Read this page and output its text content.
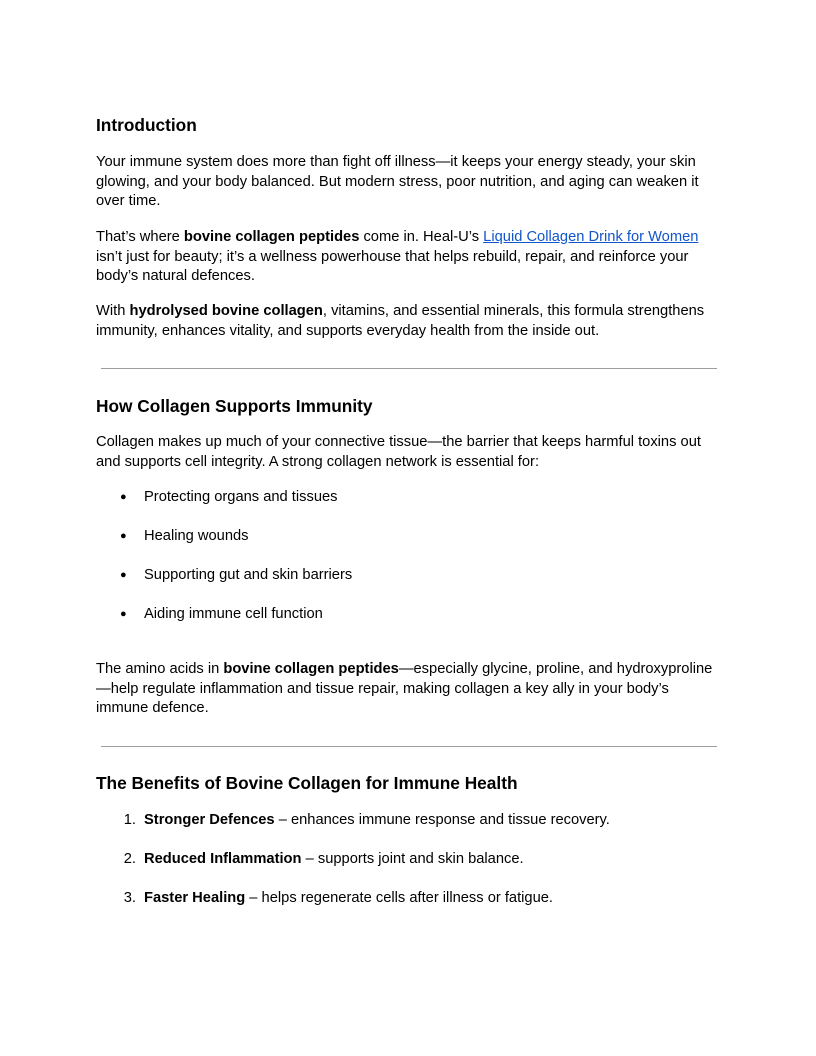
Introduction

Your immune system does more than fight off illness—it keeps your energy steady, your skin glowing, and your body balanced. But modern stress, poor nutrition, and aging can weaken it over time.

That’s where bovine collagen peptides come in. Heal-U’s Liquid Collagen Drink for Women isn’t just for beauty; it’s a wellness powerhouse that helps rebuild, repair, and reinforce your body’s natural defences.

With hydrolysed bovine collagen, vitamins, and essential minerals, this formula strengthens immunity, enhances vitality, and supports everyday health from the inside out.

How Collagen Supports Immunity

Collagen makes up much of your connective tissue—the barrier that keeps harmful toxins out and supports cell integrity. A strong collagen network is essential for:

● Protecting organs and tissues
● Healing wounds
● Supporting gut and skin barriers
● Aiding immune cell function

The amino acids in bovine collagen peptides—especially glycine, proline, and hydroxyproline—help regulate inflammation and tissue repair, making collagen a key ally in your body’s immune defence.

The Benefits of Bovine Collagen for Immune Health
1. Stronger Defences – enhances immune response and tissue recovery.
2. Reduced Inflammation – supports joint and skin balance.
3. Faster Healing – helps regenerate cells after illness or fatigue.
